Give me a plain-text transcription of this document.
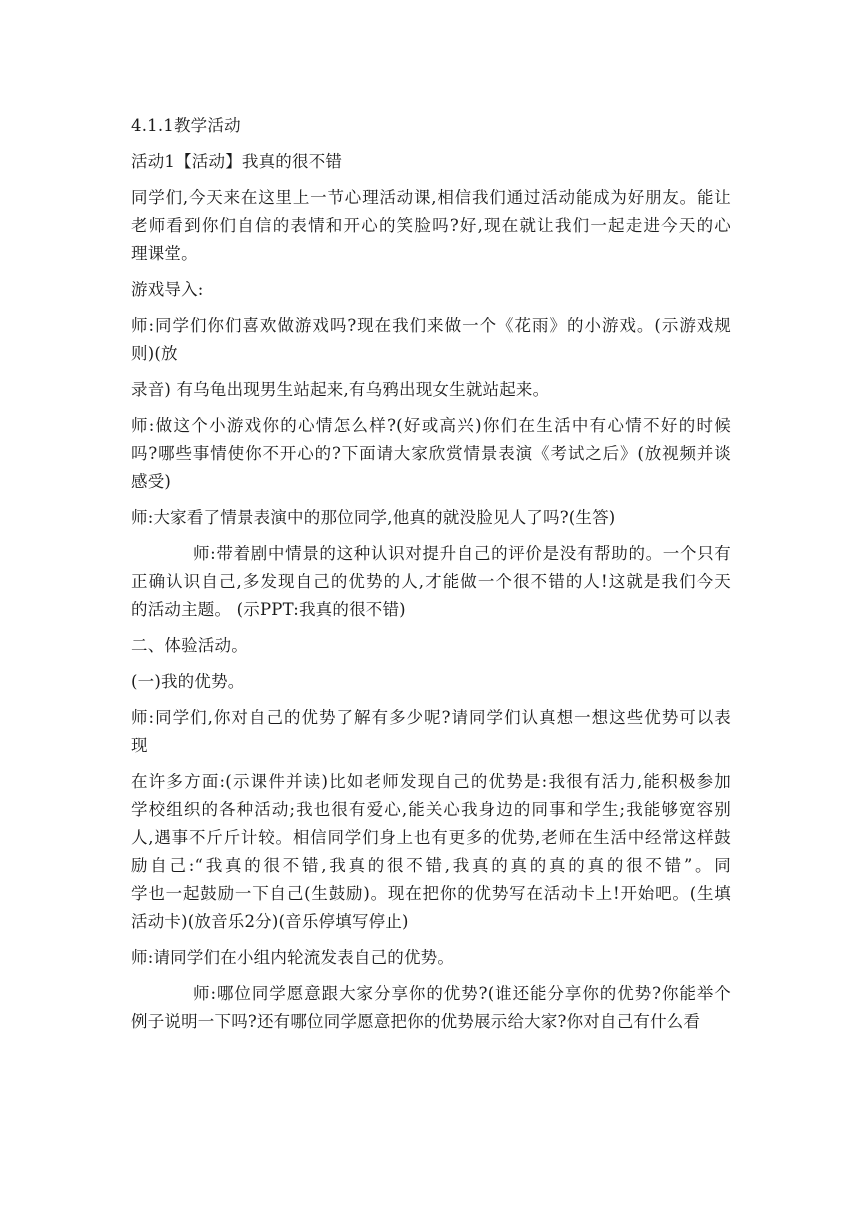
4.1.1教学活动
活动1【活动】我真的很不错
同学们,今天来在这里上一节心理活动课,相信我们通过活动能成为好朋友。能让
老师看到你们自信的表情和开心的笑脸吗?好,现在就让我们一起走进今天的心
理课堂。
游戏导入:
师:同学们你们喜欢做游戏吗?现在我们来做一个《花雨》的小游戏。(示游戏规
则)(放
录音) 有乌龟出现男生站起来,有乌鸦出现女生就站起来。
师:做这个小游戏你的心情怎么样?(好或高兴)你们在生活中有心情不好的时候
吗?哪些事情使你不开心的?下面请大家欣赏情景表演《考试之后》(放视频并谈
感受)
师:大家看了情景表演中的那位同学,他真的就没脸见人了吗?(生答)
师:带着剧中情景的这种认识对提升自己的评价是没有帮助的。一个只有
正确认识自己,多发现自己的优势的人,才能做一个很不错的人!这就是我们今天
的活动主题。 (示PPT:我真的很不错)
二、体验活动。
(一)我的优势。
师:同学们,你对自己的优势了解有多少呢?请同学们认真想一想这些优势可以表
现
在许多方面:(示课件并读)比如老师发现自己的优势是:我很有活力,能积极参加
学校组织的各种活动;我也很有爱心,能关心我身边的同事和学生;我能够宽容别
人,遇事不斤斤计较。相信同学们身上也有更多的优势,老师在生活中经常这样鼓
励自己:“我真的很不错,我真的很不错,我真的真的真的真的很不错”。同
学也一起鼓励一下自己(生鼓励)。现在把你的优势写在活动卡上!开始吧。(生填
活动卡)(放音乐2分)(音乐停填写停止)
师:请同学们在小组内轮流发表自己的优势。
师:哪位同学愿意跟大家分享你的优势?(谁还能分享你的优势?你能举个
例子说明一下吗?还有哪位同学愿意把你的优势展示给大家?你对自己有什么看
